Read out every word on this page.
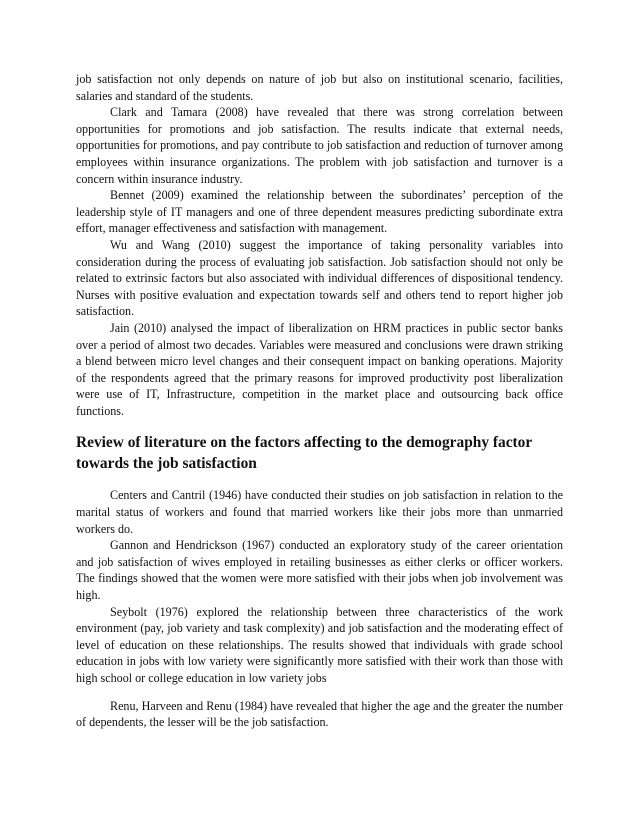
job satisfaction not only depends on nature of job but also on institutional scenario, facilities, salaries and standard of the students.

Clark and Tamara (2008) have revealed that there was strong correlation between opportunities for promotions and job satisfaction. The results indicate that external needs, opportunities for promotions, and pay contribute to job satisfaction and reduction of turnover among employees within insurance organizations. The problem with job satisfaction and turnover is a concern within insurance industry.

Bennet (2009) examined the relationship between the subordinates’ perception of the leadership style of IT managers and one of three dependent measures predicting subordinate extra effort, manager effectiveness and satisfaction with management.

Wu and Wang (2010) suggest the importance of taking personality variables into consideration during the process of evaluating job satisfaction. Job satisfaction should not only be related to extrinsic factors but also associated with individual differences of dispositional tendency. Nurses with positive evaluation and expectation towards self and others tend to report higher job satisfaction.

Jain (2010) analysed the impact of liberalization on HRM practices in public sector banks over a period of almost two decades. Variables were measured and conclusions were drawn striking a blend between micro level changes and their consequent impact on banking operations. Majority of the respondents agreed that the primary reasons for improved productivity post liberalization were use of IT, Infrastructure, competition in the market place and outsourcing back office functions.

Review of literature on the factors affecting to the demography factor towards the job satisfaction

Centers and Cantril (1946) have conducted their studies on job satisfaction in relation to the marital status of workers and found that married workers like their jobs more than unmarried workers do.

Gannon and Hendrickson (1967) conducted an exploratory study of the career orientation and job satisfaction of wives employed in retailing businesses as either clerks or officer workers. The findings showed that the women were more satisfied with their jobs when job involvement was high.

Seybolt (1976) explored the relationship between three characteristics of the work environment (pay, job variety and task complexity) and job satisfaction and the moderating effect of level of education on these relationships. The results showed that individuals with grade school education in jobs with low variety were significantly more satisfied with their work than those with high school or college education in low variety jobs

Renu, Harveen and Renu (1984) have revealed that higher the age and the greater the number of dependents, the lesser will be the job satisfaction.
